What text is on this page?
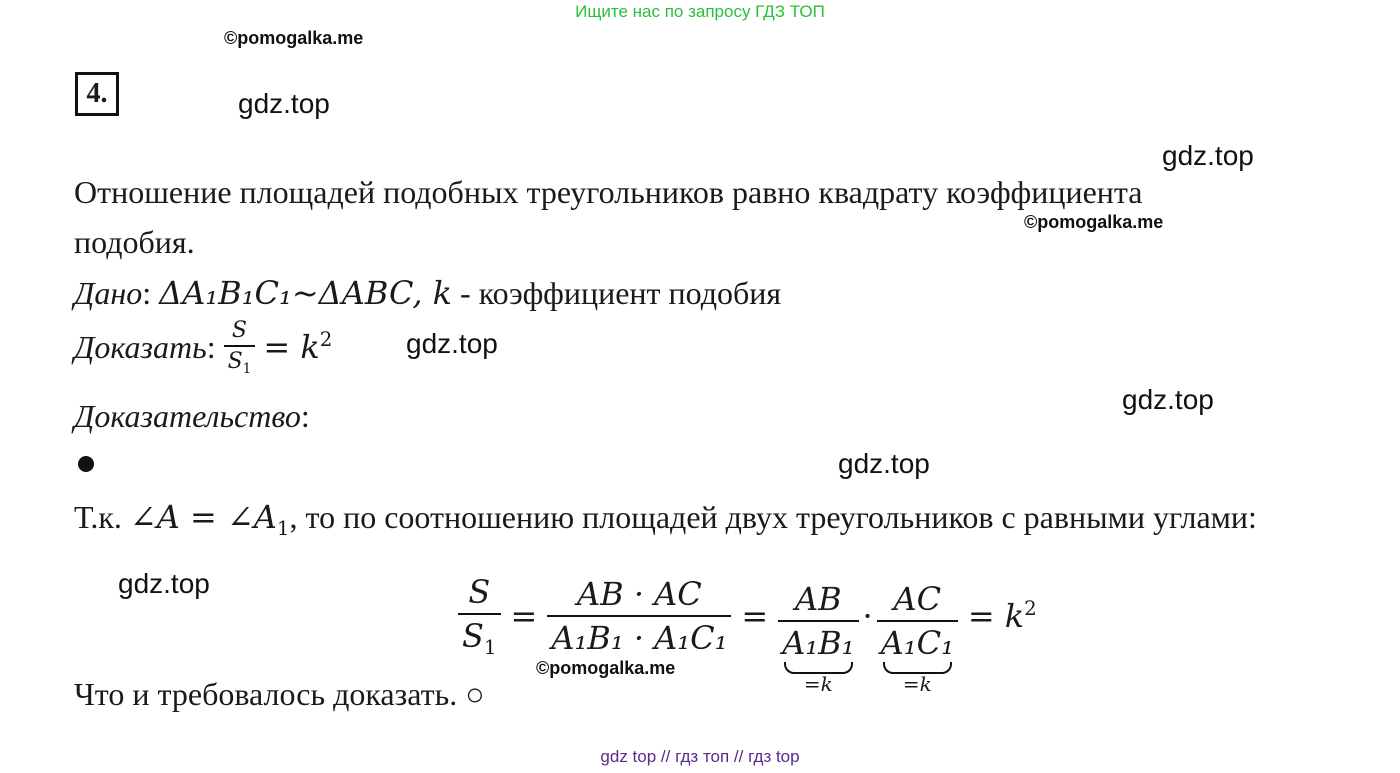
Ищите нас по запросу ГДЗ ТОП
©pomogalka.me
4.	gdz.top
gdz.top
Отношение площадей подобных треугольников равно квадрату коэффициента
©pomogalka.me
подобия.
Дано: ΔA₁B₁C₁~ΔABC, k - коэффициент подобия
Доказать: $\frac{S}{S_1} = k^2$	gdz.top
Доказательство:	gdz.top
gdz.top
Т.к. ∠A = $\angle A_1$, то по соотношению площадей двух треугольников с равными углами:
gdz.top	$\frac{S}{S_1} = \frac{AB \cdot AC}{\text{A₁B₁ · A₁C₁}} = \frac{AB}{\text{A₁B₁}}$
=k
· $\frac{AC}{\text{A₁C₁}}$
=k
= $k^2$
©pomogalka.me
Что и требовалось доказать. ○
gdz top // гдз топ // гдз top
